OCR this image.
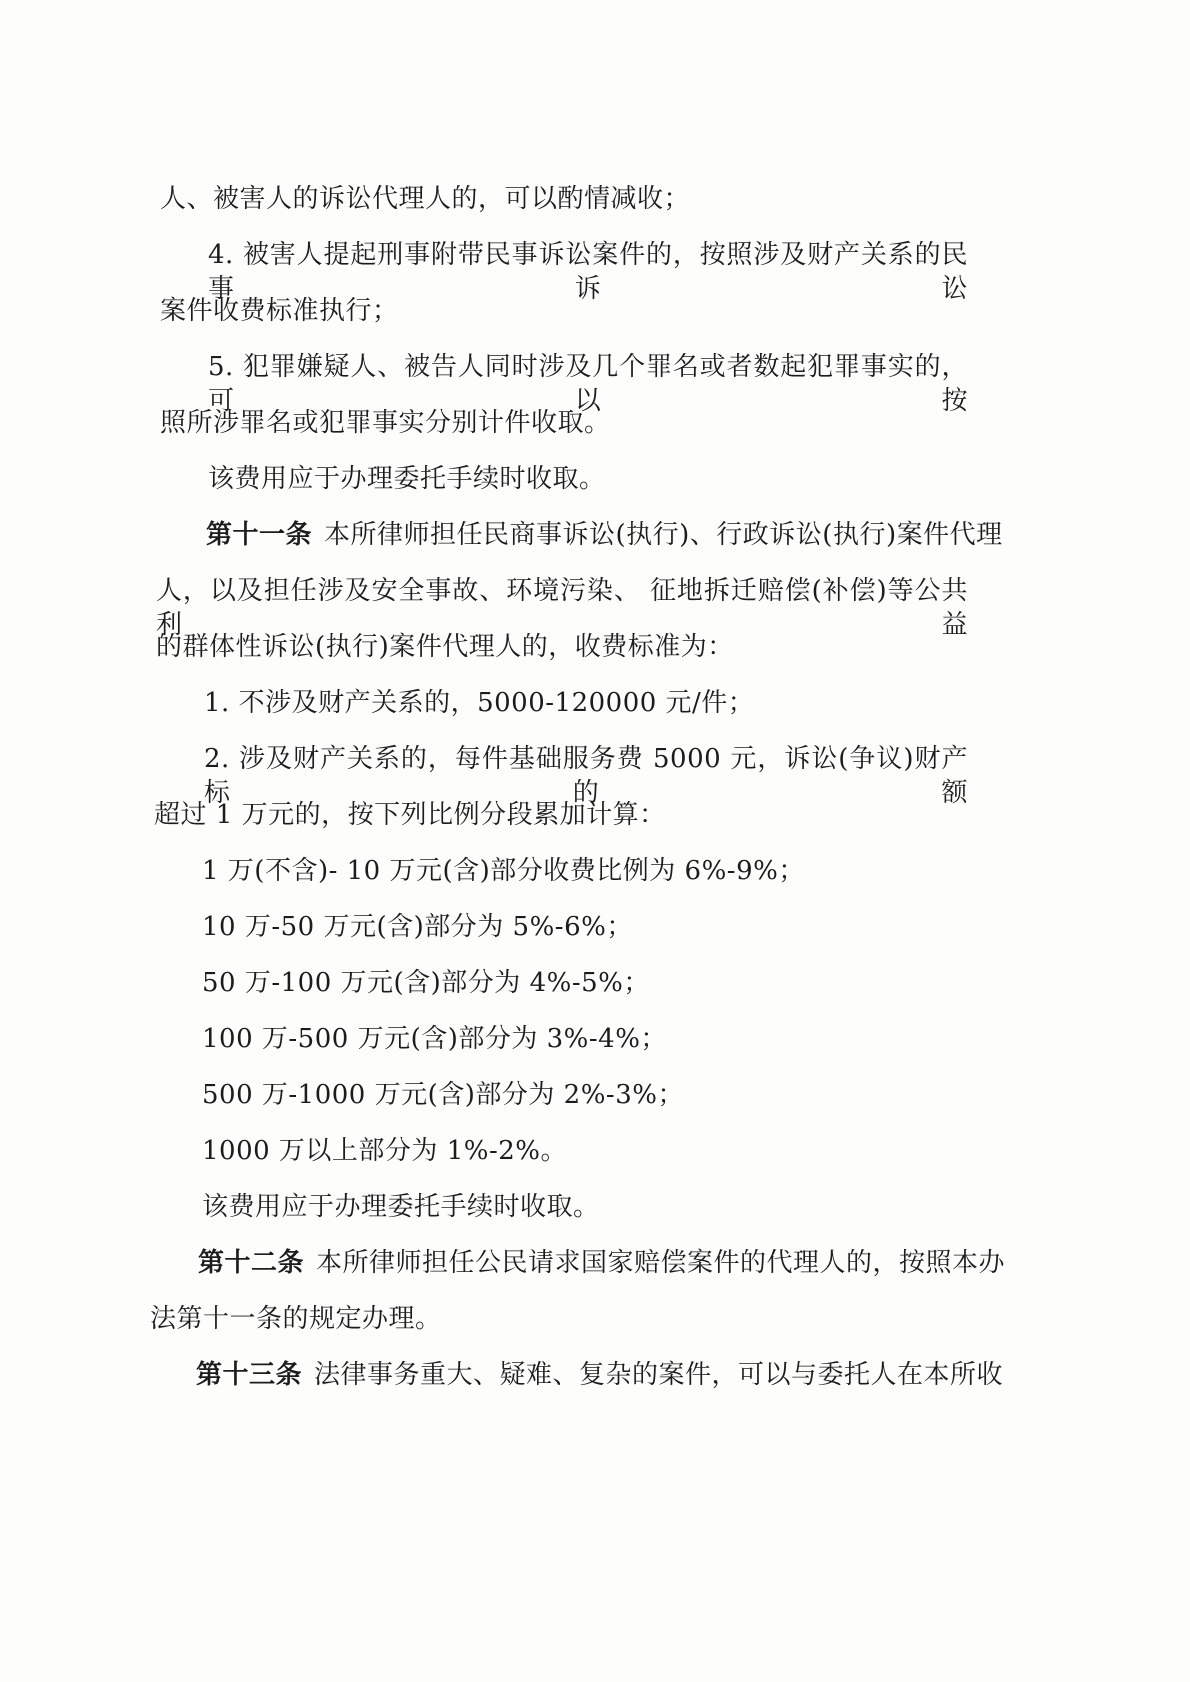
人、被害人的诉讼代理人的，可以酌情减收；
4. 被害人提起刑事附带民事诉讼案件的，按照涉及财产关系的民事诉讼
案件收费标准执行；
5. 犯罪嫌疑人、被告人同时涉及几个罪名或者数起犯罪事实的，可以按
照所涉罪名或犯罪事实分别计件收取。
该费用应于办理委托手续时收取。
第十一条 本所律师担任民商事诉讼(执行)、行政诉讼(执行)案件代理
人，以及担任涉及安全事故、环境污染、 征地拆迁赔偿(补偿)等公共利益
的群体性诉讼(执行)案件代理人的，收费标准为：
1. 不涉及财产关系的，5000-120000 元/件；
2. 涉及财产关系的，每件基础服务费 5000 元，诉讼(争议)财产标的额
超过 1 万元的，按下列比例分段累加计算：
1 万(不含)- 10 万元(含)部分收费比例为 6%-9%；
10 万-50 万元(含)部分为 5%-6%；
50 万-100 万元(含)部分为 4%-5%；
100 万-500 万元(含)部分为 3%-4%；
500 万-1000 万元(含)部分为 2%-3%；
1000 万以上部分为 1%-2%。
该费用应于办理委托手续时收取。
第十二条 本所律师担任公民请求国家赔偿案件的代理人的，按照本办
法第十一条的规定办理。
第十三条 法律事务重大、疑难、复杂的案件，可以与委托人在本所收
